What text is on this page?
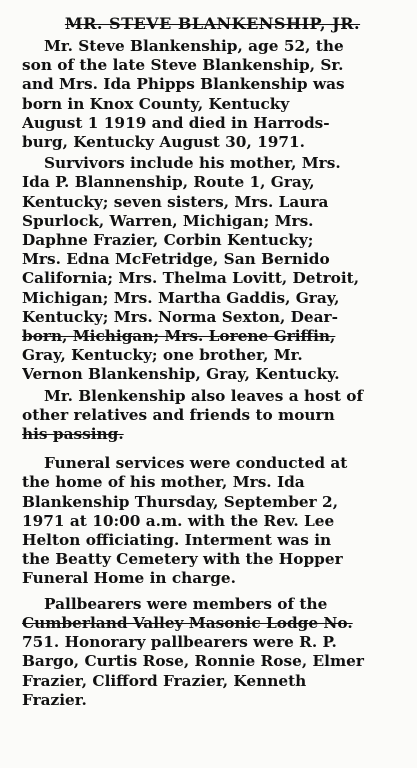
MR. STEVE BLANKENSHIP, JR.
Mr. Steve Blankenship, age 52, the
son of the late Steve Blankenship, Sr.
and Mrs. Ida Phipps Blankenship was
born in Knox County, Kentucky
August 1 1919 and died in Harrods-
burg, Kentucky August 30, 1971.
Survivors include his mother, Mrs.
Ida P. Blannenship, Route 1, Gray,
Kentucky; seven sisters, Mrs. Laura
Spurlock, Warren, Michigan; Mrs.
Daphne Frazier, Corbin Kentucky;
Mrs. Edna McFetridge, San Bernido
California; Mrs. Thelma Lovitt, Detroit,
Michigan; Mrs. Martha Gaddis, Gray,
Kentucky; Mrs. Norma Sexton, Dear-
born, Michigan; Mrs. Lorene Griffin,
Gray, Kentucky; one brother, Mr.
Vernon Blankenship, Gray, Kentucky.
Mr. Blenkenship also leaves a host of
other relatives and friends to mourn
his passing.
Funeral services were conducted at
the home of his mother, Mrs. Ida
Blankenship Thursday, September 2,
1971 at 10:00 a.m. with the Rev. Lee
Helton officiating. Interment was in
the Beatty Cemetery with the Hopper
Funeral Home in charge.
Pallbearers were members of the
Cumberland Valley Masonic Lodge No.
751. Honorary pallbearers were R. P.
Bargo, Curtis Rose, Ronnie Rose, Elmer
Frazier, Clifford Frazier, Kenneth
Frazier.
